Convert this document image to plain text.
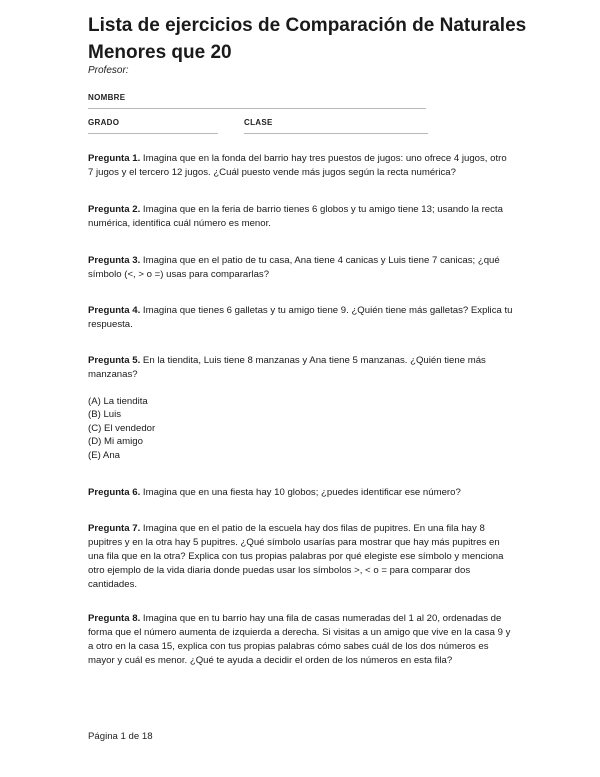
Lista de ejercicios de Comparación de Naturales Menores que 20
Profesor:
NOMBRE
GRADO	CLASE

Pregunta 1. Imagina que en la fonda del barrio hay tres puestos de jugos: uno ofrece 4 jugos, otro 7 jugos y el tercero 12 jugos. ¿Cuál puesto vende más jugos según la recta numérica?

Pregunta 2. Imagina que en la feria de barrio tienes 6 globos y tu amigo tiene 13; usando la recta numérica, identifica cuál número es menor.

Pregunta 3. Imagina que en el patio de tu casa, Ana tiene 4 canicas y Luis tiene 7 canicas; ¿qué símbolo (<, > o =) usas para compararlas?

Pregunta 4. Imagina que tienes 6 galletas y tu amigo tiene 9. ¿Quién tiene más galletas? Explica tu respuesta.

Pregunta 5. En la tiendita, Luis tiene 8 manzanas y Ana tiene 5 manzanas. ¿Quién tiene más manzanas?

(A) La tiendita
(B) Luis
(C) El vendedor
(D) Mi amigo
(E) Ana

Pregunta 6. Imagina que en una fiesta hay 10 globos; ¿puedes identificar ese número?

Pregunta 7. Imagina que en el patio de la escuela hay dos filas de pupitres. En una fila hay 8 pupitres y en la otra hay 5 pupitres. ¿Qué símbolo usarías para mostrar que hay más pupitres en una fila que en la otra? Explica con tus propias palabras por qué elegiste ese símbolo y menciona otro ejemplo de la vida diaria donde puedas usar los símbolos >, < o = para comparar dos cantidades.

Pregunta 8. Imagina que en tu barrio hay una fila de casas numeradas del 1 al 20, ordenadas de forma que el número aumenta de izquierda a derecha. Si visitas a un amigo que vive en la casa 9 y a otro en la casa 15, explica con tus propias palabras cómo sabes cuál de los dos números es mayor y cuál es menor. ¿Qué te ayuda a decidir el orden de los números en esta fila?

Página 1 de 18
